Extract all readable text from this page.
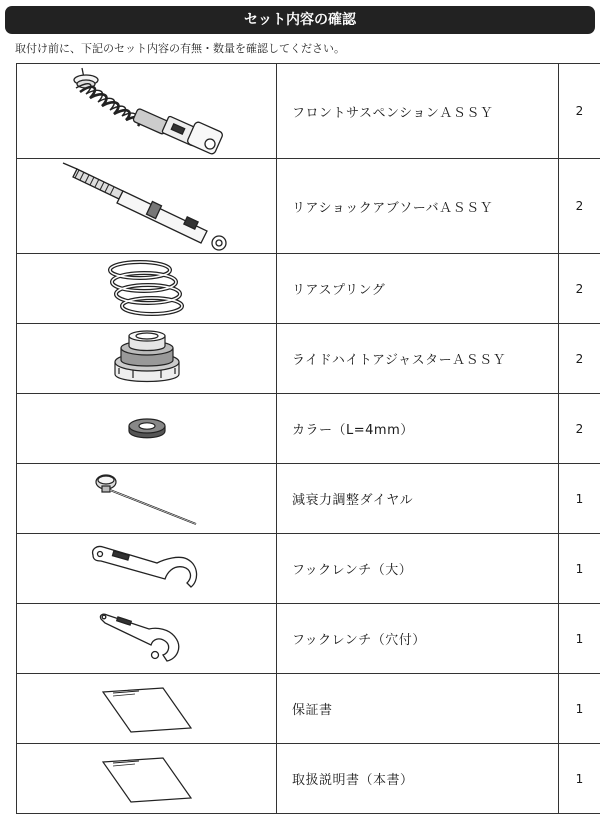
セット内容の確認
取付け前に、下記のセット内容の有無・数量を確認してください。
	フロントサスペンションＡＳＳＹ	2

	リアショックアブソーバＡＳＳＹ	2

	リアスプリング	2

	ライドハイトアジャスターＡＳＳＹ	2

	カラー（L=4mm）	2

	減衰力調整ダイヤル	1

	フックレンチ（大）	1

	フックレンチ（穴付）	1

	保証書	1

	取扱説明書（本書）	1
